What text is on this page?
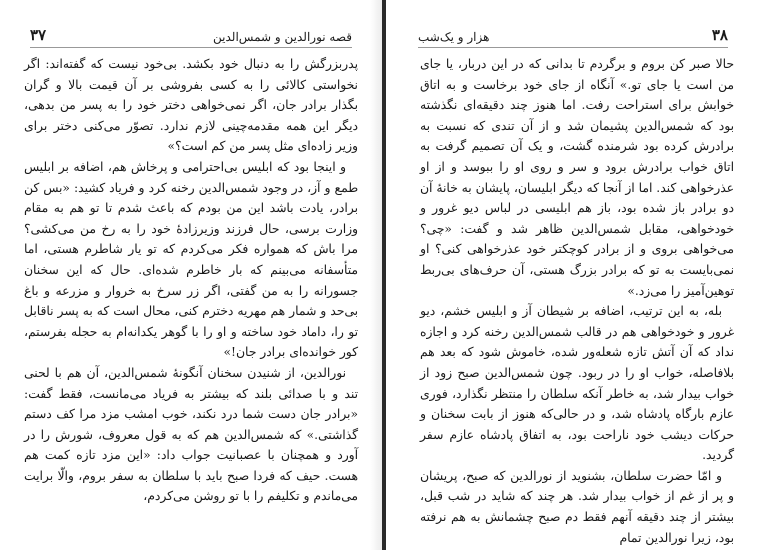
قصه نورالدین و شمس‌الدین
۳۷

پدربزرگش را به دنبال خود بکشد. بی‌خود نیست که گفته‌اند: اگر نخواستی کالائی را به کسی بفروشی بر آن قیمت بالا و گران بگذار برادر جان، اگر نمی‌خواهی دختر خود را به پسر من بدهی، دیگر این همه مقدمه‌چینی لازم ندارد. تصوّر می‌کنی دختر برای وزیر زاده‌ای مثل پسر من کم است؟»

و اینجا بود که ابلیس بی‌احترامی و پرخاش هم، اضافه بر ابلیس طمع و آز، در وجود شمس‌الدین رخنه کرد و فریاد کشید: «بس کن برادر، یادت باشد این من بودم که باعث شدم تا تو هم به مقام وزارت برسی، حال فرزند وزیرزادهٔ خود را به رخ من می‌کشی؟ مرا باش که همواره فکر می‌کردم که تو یار شاطرم هستی، اما متأسفانه می‌بینم که بار خاطرم شده‌ای. حال که این سخنان جسورانه را به من گفتی، اگر زر سرخ به خروار و مزرعه و باغ بی‌حد و شمار هم مهریه دخترم کنی، محال است که به پسر ناقابل تو را، داماد خود ساخته و او را با گوهر یکدانه‌ام به حجله بفرستم، کور خوانده‌ای برادر جان!»

نورالدین، از شنیدن سخنان آنگونهٔ شمس‌الدین، آن هم با لحنی تند و با صدائی بلند که بیشتر به فریاد می‌مانست، فقط گفت: «برادر جان دست شما درد نکند، خوب امشب مزد مرا کف دستم گذاشتی.» که شمس‌الدین هم که به قول معروف، شورش را در آورد و همچنان با عصبانیت جواب داد: «این مزد تازه کمت هم هست. حیف که فردا صبح باید با سلطان به سفر بروم، والّا برایت می‌ماندم و تکلیفم را با تو روشن می‌کردم،

۳۸
هزار و یک‌شب

حالا صبر کن بروم و برگردم تا بدانی که در این دربار، یا جای من است یا جای تو.» آنگاه از جای خود برخاست و به اتاق خوابش برای استراحت رفت. اما هنوز چند دقیقه‌ای نگذشته بود که شمس‌الدین پشیمان شد و از آن تندی که نسبت به برادرش کرده بود شرمنده گشت، و یک آن تصمیم گرفت به اتاق خواب برادرش برود و سر و روی او را ببوسد و از او عذرخواهی کند. اما از آنجا که دیگر ابلیسان، پایشان به خانهٔ آن دو برادر باز شده بود، باز هم ابلیسی در لباس دیو غرور و خودخواهی، مقابل شمس‌الدین ظاهر شد و گفت: «چی؟ می‌خواهی بروی و از برادر کوچکتر خود عذرخواهی کنی؟ او نمی‌بایست به تو که برادر بزرگ هستی، آن حرف‌های بی‌ربط توهین‌آمیز را می‌زد.»

بله، به این ترتیب، اضافه بر شیطان آز و ابلیس خشم، دیو غرور و خودخواهی هم در قالب شمس‌الدین رخنه کرد و اجازه نداد که آن آتش تازه شعله‌ور شده، خاموش شود که بعد هم بلافاصله، خواب او را در ربود. چون شمس‌الدین صبح زود از خواب بیدار شد، به خاطر آنکه سلطان را منتظر نگذارد، فوری عازم بارگاه پادشاه شد، و در حالی‌که هنوز از بابت سخنان و حرکات دیشب خود ناراحت بود، به اتفاق پادشاه عازم سفر گردید.

و امّا حضرت سلطان، بشنوید از نورالدین که صبح، پریشان و پر از غم از خواب بیدار شد. هر چند که شاید در شب قبل، بیشتر از چند دقیقه آنهم فقط دم صبح چشمانش به هم نرفته بود، زیرا نورالدین تمام
